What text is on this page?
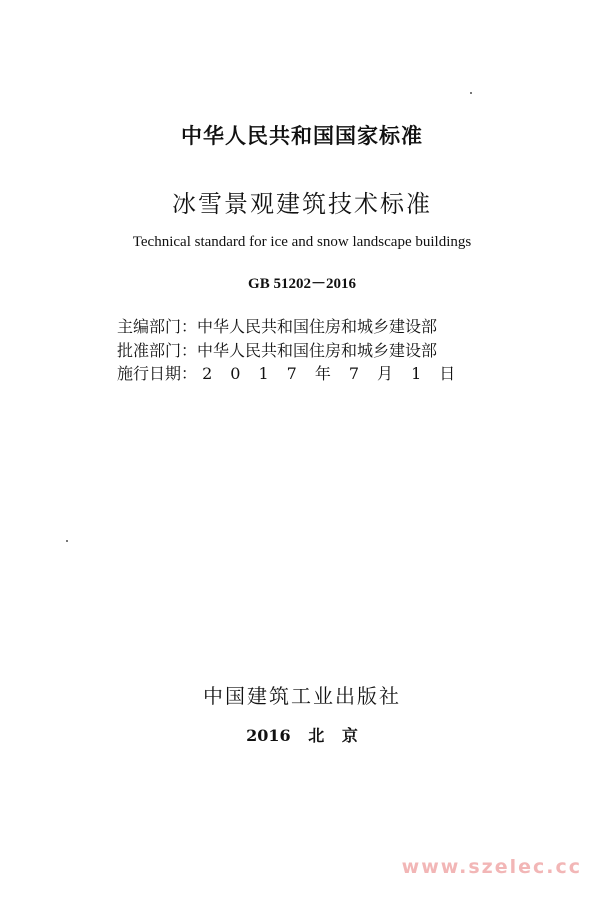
中华人民共和国国家标准
冰雪景观建筑技术标准
Technical standard for ice and snow landscape buildings
GB 51202－2016
主编部门：中华人民共和国住房和城乡建设部
批准部门：中华人民共和国住房和城乡建设部
施行日期： 2 0 1 7 年 7 月 1 日
中国建筑工业出版社
2016 北 京
www.szelec.cc
